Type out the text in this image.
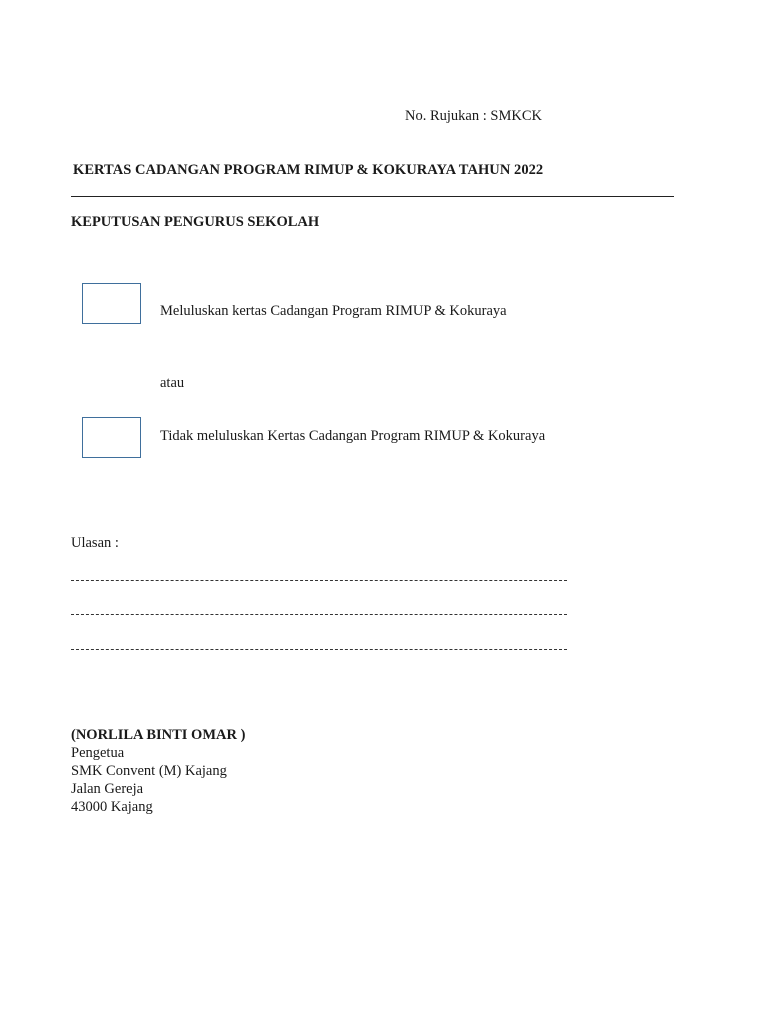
No. Rujukan : SMKCK
KERTAS CADANGAN PROGRAM RIMUP & KOKURAYA TAHUN 2022
KEPUTUSAN PENGURUS SEKOLAH
Meluluskan kertas Cadangan Program RIMUP & Kokuraya
atau
Tidak meluluskan Kertas Cadangan Program RIMUP & Kokuraya
Ulasan :
(NORLILA BINTI OMAR )
Pengetua
SMK Convent (M) Kajang
Jalan Gereja
43000 Kajang
